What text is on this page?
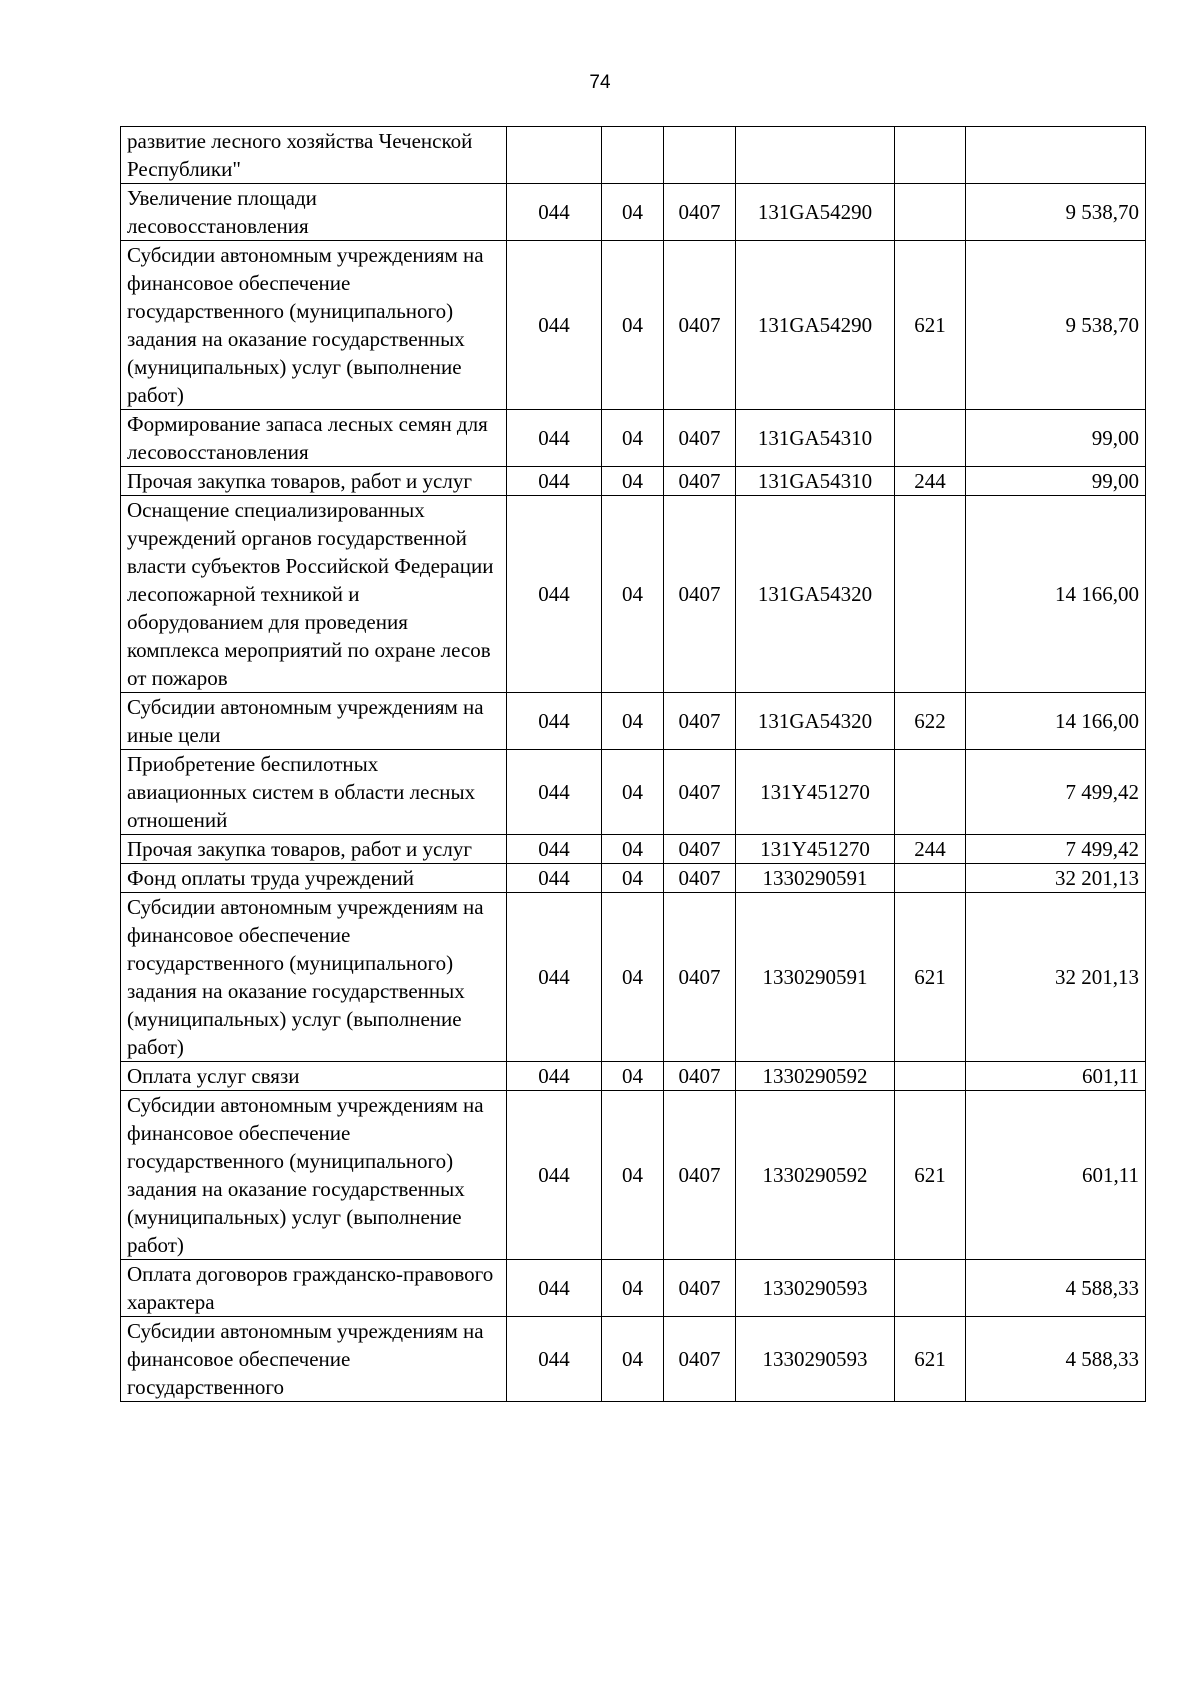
74
развитие лесного хозяйства Чеченской Республики"						
Увеличение площади лесовосстановления	044	04	0407	131GA54290		9 538,70
Субсидии автономным учреждениям на финансовое обеспечение государственного (муниципального) задания на оказание государственных (муниципальных) услуг (выполнение работ)	044	04	0407	131GA54290	621	9 538,70
Формирование запаса лесных семян для лесовосстановления	044	04	0407	131GA54310		99,00
Прочая закупка товаров, работ и услуг	044	04	0407	131GA54310	244	99,00
Оснащение специализированных учреждений органов государственной власти субъектов Российской Федерации лесопожарной техникой и оборудованием для проведения комплекса мероприятий по охране лесов от пожаров	044	04	0407	131GA54320		14 166,00
Субсидии автономным учреждениям на иные цели	044	04	0407	131GA54320	622	14 166,00
Приобретение беспилотных авиационных систем в области лесных отношений	044	04	0407	131Y451270		7 499,42
Прочая закупка товаров, работ и услуг	044	04	0407	131Y451270	244	7 499,42
Фонд оплаты труда учреждений	044	04	0407	1330290591		32 201,13
Субсидии автономным учреждениям на финансовое обеспечение государственного (муниципального) задания на оказание государственных (муниципальных) услуг (выполнение работ)	044	04	0407	1330290591	621	32 201,13
Оплата услуг связи	044	04	0407	1330290592		601,11
Субсидии автономным учреждениям на финансовое обеспечение государственного (муниципального) задания на оказание государственных (муниципальных) услуг (выполнение работ)	044	04	0407	1330290592	621	601,11
Оплата договоров гражданско-правового характера	044	04	0407	1330290593		4 588,33
Субсидии автономным учреждениям на финансовое обеспечение государственного	044	04	0407	1330290593	621	4 588,33
